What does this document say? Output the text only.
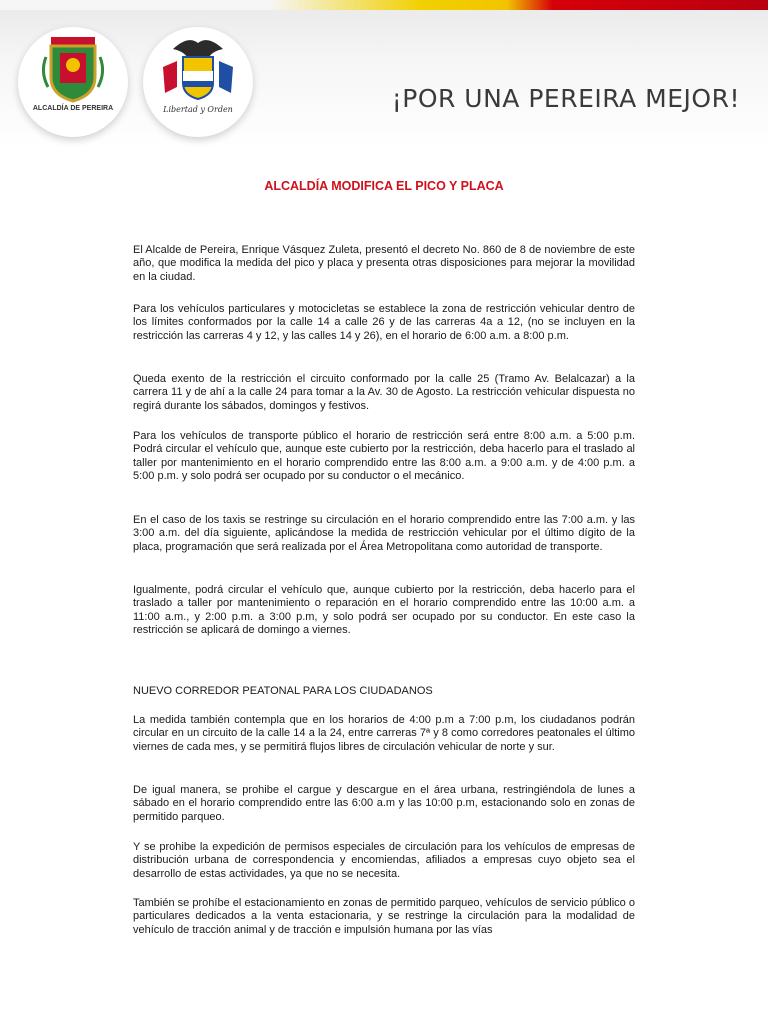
ALCALDÍA DE PEREIRA	Libertad y Orden	¡POR UNA PEREIRA MEJOR!
ALCALDÍA MODIFICA EL PICO Y PLACA

El Alcalde de Pereira, Enrique Vásquez Zuleta, presentó el decreto No. 860 de 8 de noviembre de este año, que modifica la medida del pico y placa y presenta otras disposiciones para mejorar la movilidad en la ciudad.

Para los vehículos particulares y motocicletas se establece la zona de restricción vehicular dentro de los límites conformados por la calle 14 a calle 26 y de las carreras 4a a 12, (no se incluyen en la restricción las carreras 4 y 12, y las calles 14 y 26), en el horario de 6:00 a.m. a 8:00 p.m.

Queda exento de la restricción el circuito conformado por la calle 25 (Tramo Av. Belalcazar) a la carrera 11 y de ahí a la calle 24 para tomar a la Av. 30 de Agosto. La restricción vehicular dispuesta no regirá durante los sábados, domingos y festivos.

Para los vehículos de transporte público el horario de restricción será entre 8:00 a.m. a 5:00 p.m. Podrá circular el vehículo que, aunque este cubierto por la restricción, deba hacerlo para el traslado al taller por mantenimiento en el horario comprendido entre las 8:00 a.m. a 9:00 a.m. y de 4:00 p.m. a 5:00 p.m. y solo podrá ser ocupado por su conductor o el mecánico.

En el caso de los taxis se restringe su circulación en el horario comprendido entre las 7:00 a.m. y las 3:00 a.m. del día siguiente, aplicándose la medida de restricción vehicular por el último dígito de la placa, programación que será realizada por el Área Metropolitana como autoridad de transporte.

Igualmente, podrá circular el vehículo que, aunque cubierto por la restricción, deba hacerlo para el traslado a taller por mantenimiento o reparación en el horario comprendido entre las 10:00 a.m. a 11:00 a.m., y 2:00 p.m. a 3:00 p.m, y solo podrá ser ocupado por su conductor. En este caso la restricción se aplicará de domingo a viernes.

NUEVO CORREDOR PEATONAL PARA LOS CIUDADANOS

La medida también contempla que en los horarios de 4:00 p.m a 7:00 p.m, los ciudadanos podrán circular en un circuito de la calle 14 a la 24, entre carreras 7ª y 8 como corredores peatonales el último viernes de cada mes, y se permitirá flujos libres de circulación vehicular de norte y sur.

De igual manera, se prohibe el cargue y descargue en el área urbana, restringiéndola de lunes a sábado en el horario comprendido entre las 6:00 a.m y las 10:00 p.m, estacionando solo en zonas de permitido parqueo.

Y se prohibe la expedición de permisos especiales de circulación para los vehículos de empresas de distribución urbana de correspondencia y encomiendas, afiliados a empresas cuyo objeto sea el desarrollo de estas actividades, ya que no se necesita.

También se prohíbe el estacionamiento en zonas de permitido parqueo, vehículos de servicio público o particulares dedicados a la venta estacionaria, y se restringe la circulación para la modalidad de vehículo de tracción animal y de tracción e impulsión humana por las vías
